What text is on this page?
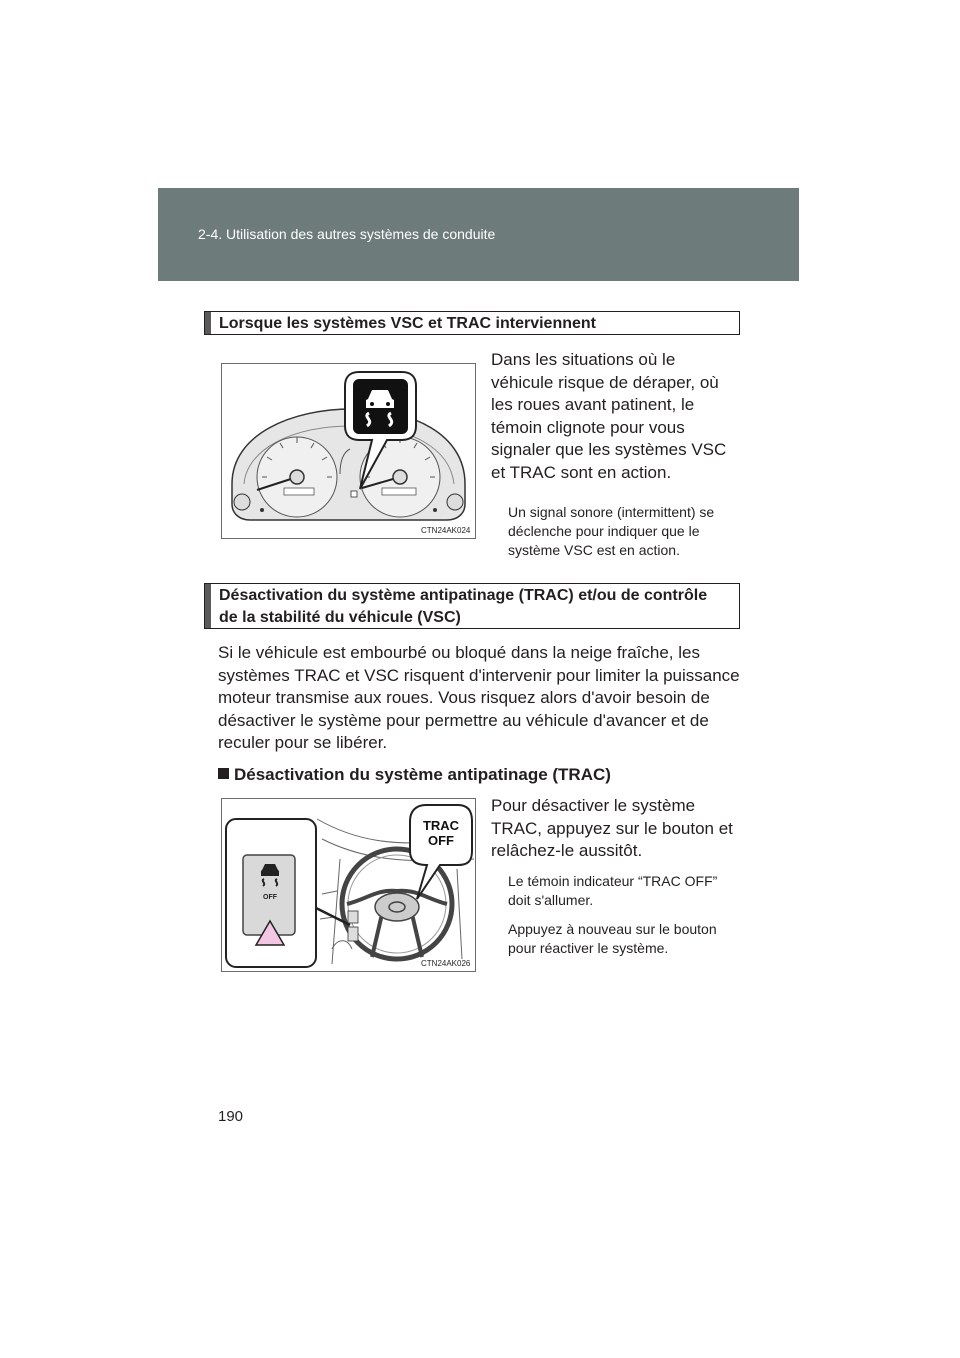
2-4. Utilisation des autres systèmes de conduite
Lorsque les systèmes VSC et TRAC interviennent
CTN24AK024
Dans les situations où le
véhicule risque de déraper, où
les roues avant patinent, le
témoin clignote pour vous
signaler que les systèmes VSC
et TRAC sont en action.
Un signal sonore (intermittent) se
déclenche pour indiquer que le
système VSC est en action.
Désactivation du système antipatinage (TRAC) et/ou de contrôle
de la stabilité du véhicule (VSC)
Si le véhicule est embourbé ou bloqué dans la neige fraîche, les
systèmes TRAC et VSC risquent d'intervenir pour limiter la puissance
moteur transmise aux roues. Vous risquez alors d'avoir besoin de
désactiver le système pour permettre au véhicule d'avancer et de
reculer pour se libérer.
Désactivation du système antipatinage (TRAC)
OFF
TRAC
OFF
CTN24AK026
Pour désactiver le système
TRAC, appuyez sur le bouton et
relâchez-le aussitôt.
Le témoin indicateur “TRAC OFF”
doit s'allumer.
Appuyez à nouveau sur le bouton
pour réactiver le système.
190
